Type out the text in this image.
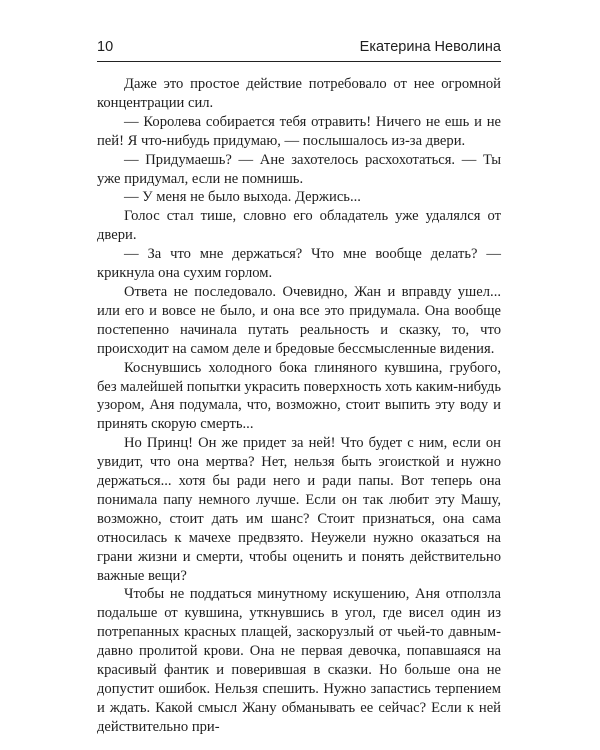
10	Екатерина Неволина

Даже это простое действие потребовало от нее огромной концентрации сил.

— Королева собирается тебя отравить! Ничего не ешь и не пей! Я что-нибудь придумаю, — послышалось из-за двери.

— Придумаешь? — Ане захотелось расхохотаться. — Ты уже придумал, если не помнишь.

— У меня не было выхода. Держись...

Голос стал тише, словно его обладатель уже удалялся от двери.

— За что мне держаться? Что мне вообще делать? — крикнула она сухим горлом.

Ответа не последовало. Очевидно, Жан и вправду ушел... или его и вовсе не было, и она все это придумала. Она вообще постепенно начинала путать реальность и сказку, то, что происходит на самом деле и бредовые бессмысленные видения.

Коснувшись холодного бока глиняного кувшина, грубого, без малейшей попытки украсить поверхность хоть каким-нибудь узором, Аня подумала, что, возможно, стоит выпить эту воду и принять скорую смерть...

Но Принц! Он же придет за ней! Что будет с ним, если он увидит, что она мертва? Нет, нельзя быть эгоисткой и нужно держаться... хотя бы ради него и ради папы. Вот теперь она понимала папу немного лучше. Если он так любит эту Машу, возможно, стоит дать им шанс? Стоит признаться, она сама относилась к мачехе предвзято. Неужели нужно оказаться на грани жизни и смерти, чтобы оценить и понять действительно важные вещи?

Чтобы не поддаться минутному искушению, Аня отползла подальше от кувшина, уткнувшись в угол, где висел один из потрепанных красных плащей, заскорузлый от чьей-то давным-давно пролитой крови. Она не первая девочка, попавшаяся на красивый фантик и поверившая в сказки. Но больше она не допустит ошибок. Нельзя спешить. Нужно запастись терпением и ждать. Какой смысл Жану обманывать ее сейчас? Если к ней действительно при-
